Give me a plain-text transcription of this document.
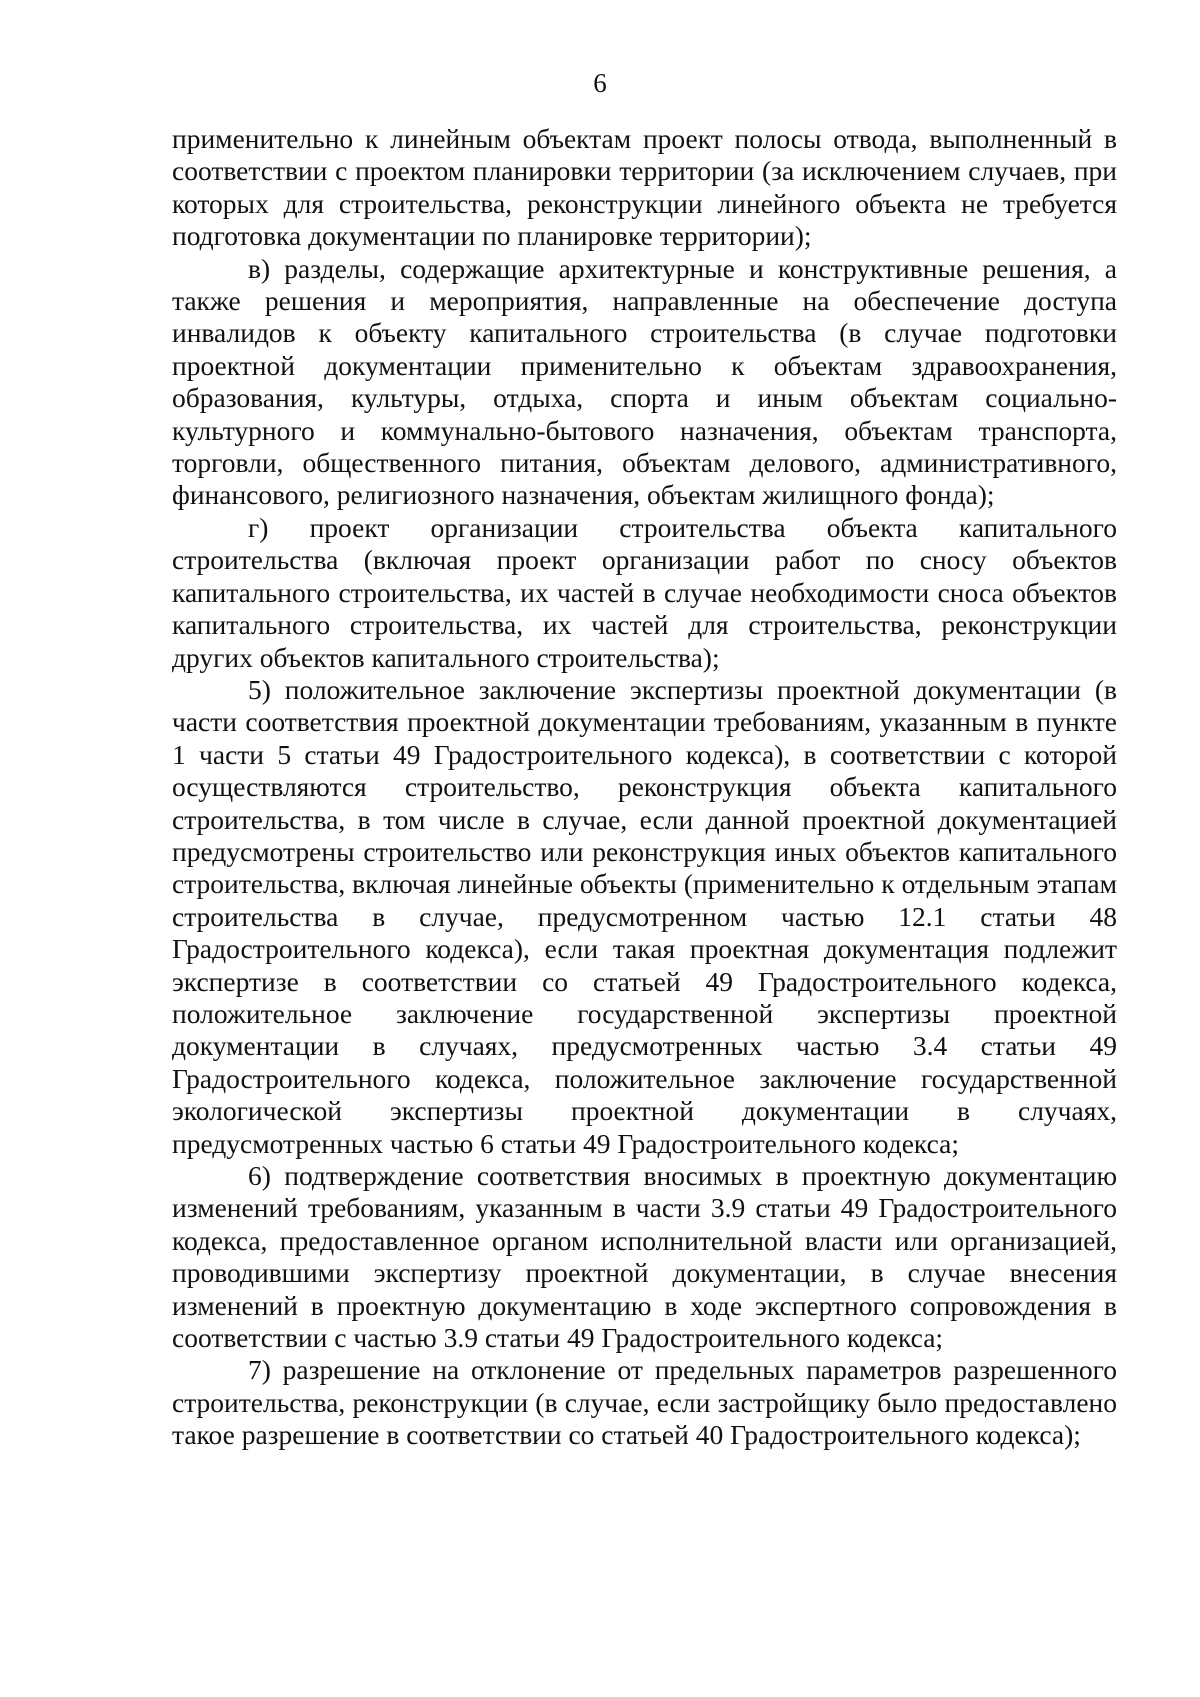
6

применительно к линейным объектам проект полосы отвода, выполненный в соответствии с проектом планировки территории (за исключением случаев, при которых для строительства, реконструкции линейного объекта не требуется подготовка документации по планировке территории);

в) разделы, содержащие архитектурные и конструктивные решения, а также решения и мероприятия, направленные на обеспечение доступа инвалидов к объекту капитального строительства (в случае подготовки проектной документации применительно к объектам здравоохранения, образования, культуры, отдыха, спорта и иным объектам социально-культурного и коммунально-бытового назначения, объектам транспорта, торговли, общественного питания, объектам делового, административного, финансового, религиозного назначения, объектам жилищного фонда);

г) проект организации строительства объекта капитального строительства (включая проект организации работ по сносу объектов капитального строительства, их частей в случае необходимости сноса объектов капитального строительства, их частей для строительства, реконструкции других объектов капитального строительства);

5) положительное заключение экспертизы проектной документации (в части соответствия проектной документации требованиям, указанным в пункте 1 части 5 статьи 49 Градостроительного кодекса), в соответствии с которой осуществляются строительство, реконструкция объекта капитального строительства, в том числе в случае, если данной проектной документацией предусмотрены строительство или реконструкция иных объектов капитального строительства, включая линейные объекты (применительно к отдельным этапам строительства в случае, предусмотренном частью 12.1 статьи 48 Градостроительного кодекса), если такая проектная документация подлежит экспертизе в соответствии со статьей 49 Градостроительного кодекса, положительное заключение государственной экспертизы проектной документации в случаях, предусмотренных частью 3.4 статьи 49 Градостроительного кодекса, положительное заключение государственной экологической экспертизы проектной документации в случаях, предусмотренных частью 6 статьи 49 Градостроительного кодекса;

6) подтверждение соответствия вносимых в проектную документацию изменений требованиям, указанным в части 3.9 статьи 49 Градостроительного кодекса, предоставленное органом исполнительной власти или организацией, проводившими экспертизу проектной документации, в случае внесения изменений в проектную документацию в ходе экспертного сопровождения в соответствии с частью 3.9 статьи 49 Градостроительного кодекса;

7) разрешение на отклонение от предельных параметров разрешенного строительства, реконструкции (в случае, если застройщику было предоставлено такое разрешение в соответствии со статьей 40 Градостроительного кодекса);
